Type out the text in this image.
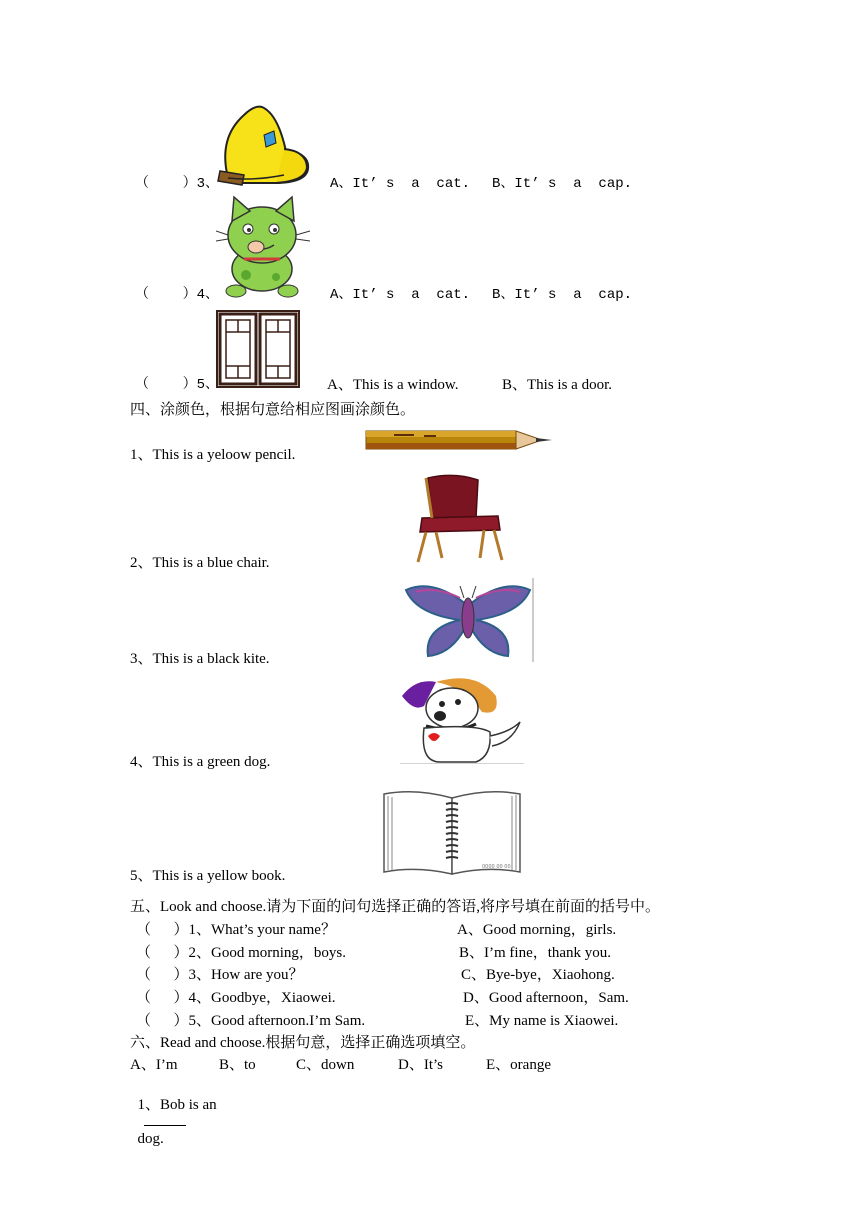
（    ）3、	A、It’ s  a  cat. B、It’ s  a  cap.
（    ）4、	A、It’ s  a  cat. B、It’ s  a  cap.
（    ）5、	A、This is a window.	B、This is a door.
四、涂颜色，根据句意给相应图画涂颜色。
1、This is a yeloow pencil.
2、This is a blue chair.
3、This is a black kite.
4、This is a green dog.
0000 00 00
5、This is a yellow book.
五、Look and choose.请为下面的问句选择正确的答语,将序号填在前面的括号中。
（      ）1、What’s your name？	A、Good morning，girls.
（      ）2、Good morning，boys.	B、I’m fine，thank you.
（      ）3、How are you？	C、Bye-bye，Xiaohong.
（      ）4、Goodbye，Xiaowei.	D、Good afternoon，Sam.
（      ）5、Good afternoon.I’m Sam.	E、My name is Xiaowei.
六、Read and choose.根据句意，选择正确选项填空。
A、I’m	B、to	C、down	D、It’s	E、orange

1、Bob is an

dog.
